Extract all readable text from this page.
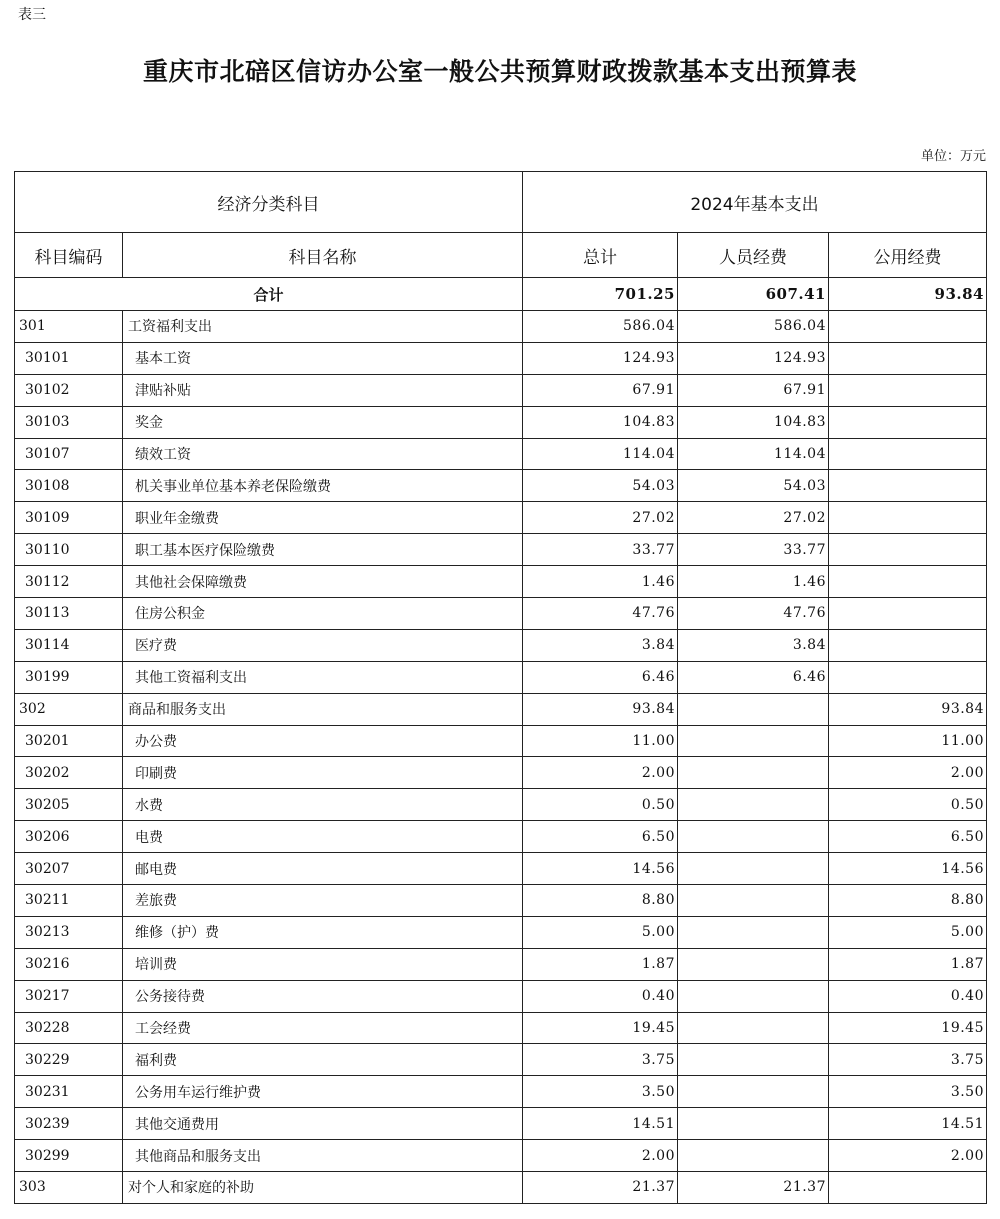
表三
重庆市北碚区信访办公室一般公共预算财政拨款基本支出预算表
单位：万元
经济分类科目		2024年基本支出		
科目编码	科目名称	总计	人员经费	公用经费
合计		701.25	607.41	93.84
301	工资福利支出	586.04	586.04	
30101	基本工资	124.93	124.93	
30102	津贴补贴	67.91	67.91	
30103	奖金	104.83	104.83	
30107	绩效工资	114.04	114.04	
30108	机关事业单位基本养老保险缴费	54.03	54.03	
30109	职业年金缴费	27.02	27.02	
30110	职工基本医疗保险缴费	33.77	33.77	
30112	其他社会保障缴费	1.46	1.46	
30113	住房公积金	47.76	47.76	
30114	医疗费	3.84	3.84	
30199	其他工资福利支出	6.46	6.46	
302	商品和服务支出	93.84		93.84
30201	办公费	11.00		11.00
30202	印刷费	2.00		2.00
30205	水费	0.50		0.50
30206	电费	6.50		6.50
30207	邮电费	14.56		14.56
30211	差旅费	8.80		8.80
30213	维修（护）费	5.00		5.00
30216	培训费	1.87		1.87
30217	公务接待费	0.40		0.40
30228	工会经费	19.45		19.45
30229	福利费	3.75		3.75
30231	公务用车运行维护费	3.50		3.50
30239	其他交通费用	14.51		14.51
30299	其他商品和服务支出	2.00		2.00
303	对个人和家庭的补助	21.37	21.37	
